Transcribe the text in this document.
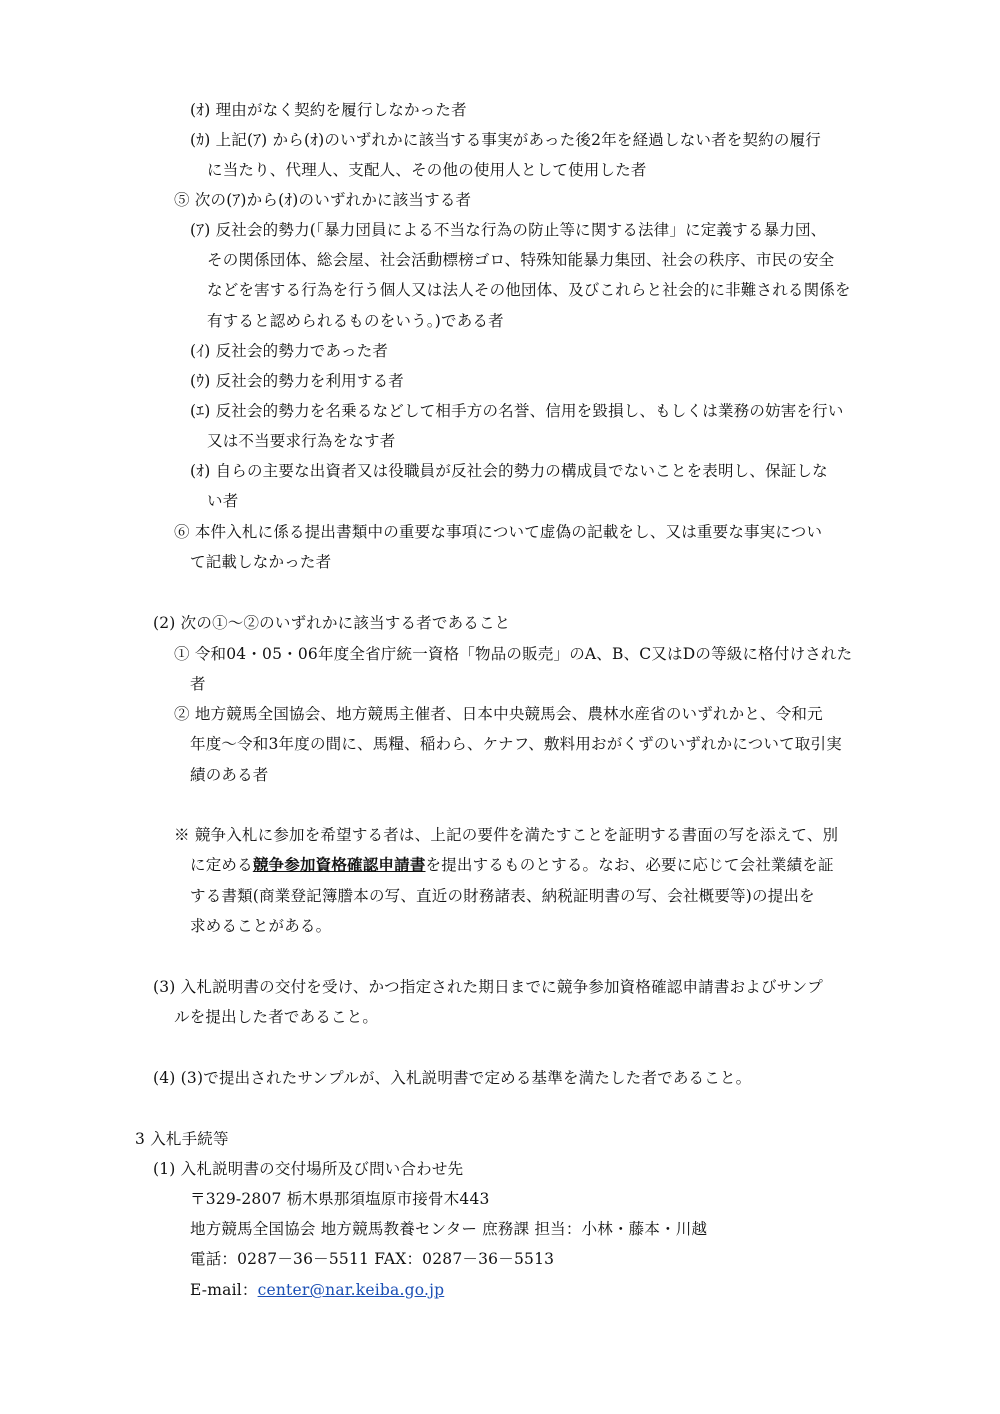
(ｵ) 理由がなく契約を履行しなかった者
(ｶ) 上記(ｱ) から(ｵ)のいずれかに該当する事実があった後2年を経過しない者を契約の履行
に当たり、代理人、支配人、その他の使用人として使用した者
⑤ 次の(ｱ)から(ｵ)のいずれかに該当する者
(ｱ) 反社会的勢力(「暴力団員による不当な行為の防止等に関する法律」に定義する暴力団、
その関係団体、総会屋、社会活動標榜ゴロ、特殊知能暴力集団、社会の秩序、市民の安全
などを害する行為を行う個人又は法人その他団体、及びこれらと社会的に非難される関係を
有すると認められるものをいう。)である者
(ｲ) 反社会的勢力であった者
(ｳ) 反社会的勢力を利用する者
(ｴ) 反社会的勢力を名乗るなどして相手方の名誉、信用を毀損し、もしくは業務の妨害を行い
又は不当要求行為をなす者
(ｵ) 自らの主要な出資者又は役職員が反社会的勢力の構成員でないことを表明し、保証しな
い者
⑥ 本件入札に係る提出書類中の重要な事項について虚偽の記載をし、又は重要な事実につい
て記載しなかった者
(2) 次の①～②のいずれかに該当する者であること
① 令和04・05・06年度全省庁統一資格「物品の販売」のA、B、C又はDの等級に格付けされた
者
② 地方競馬全国協会、地方競馬主催者、日本中央競馬会、農林水産省のいずれかと、令和元
年度～令和3年度の間に、馬糧、稲わら、ケナフ、敷料用おがくずのいずれかについて取引実
績のある者
※ 競争入札に参加を希望する者は、上記の要件を満たすことを証明する書面の写を添えて、別
に定める競争参加資格確認申請書を提出するものとする。なお、必要に応じて会社業績を証
する書類(商業登記簿謄本の写、直近の財務諸表、納税証明書の写、会社概要等)の提出を
求めることがある。
(3) 入札説明書の交付を受け、かつ指定された期日までに競争参加資格確認申請書およびサンプ
ルを提出した者であること。
(4) (3)で提出されたサンプルが、入札説明書で定める基準を満たした者であること。
3 入札手続等
(1) 入札説明書の交付場所及び問い合わせ先
〒329-2807 栃木県那須塩原市接骨木443
地方競馬全国協会 地方競馬教養センター 庶務課 担当：小林・藤本・川越
電話：0287－36－5511 FAX：0287－36－5513
E-mail：center@nar.keiba.go.jp
